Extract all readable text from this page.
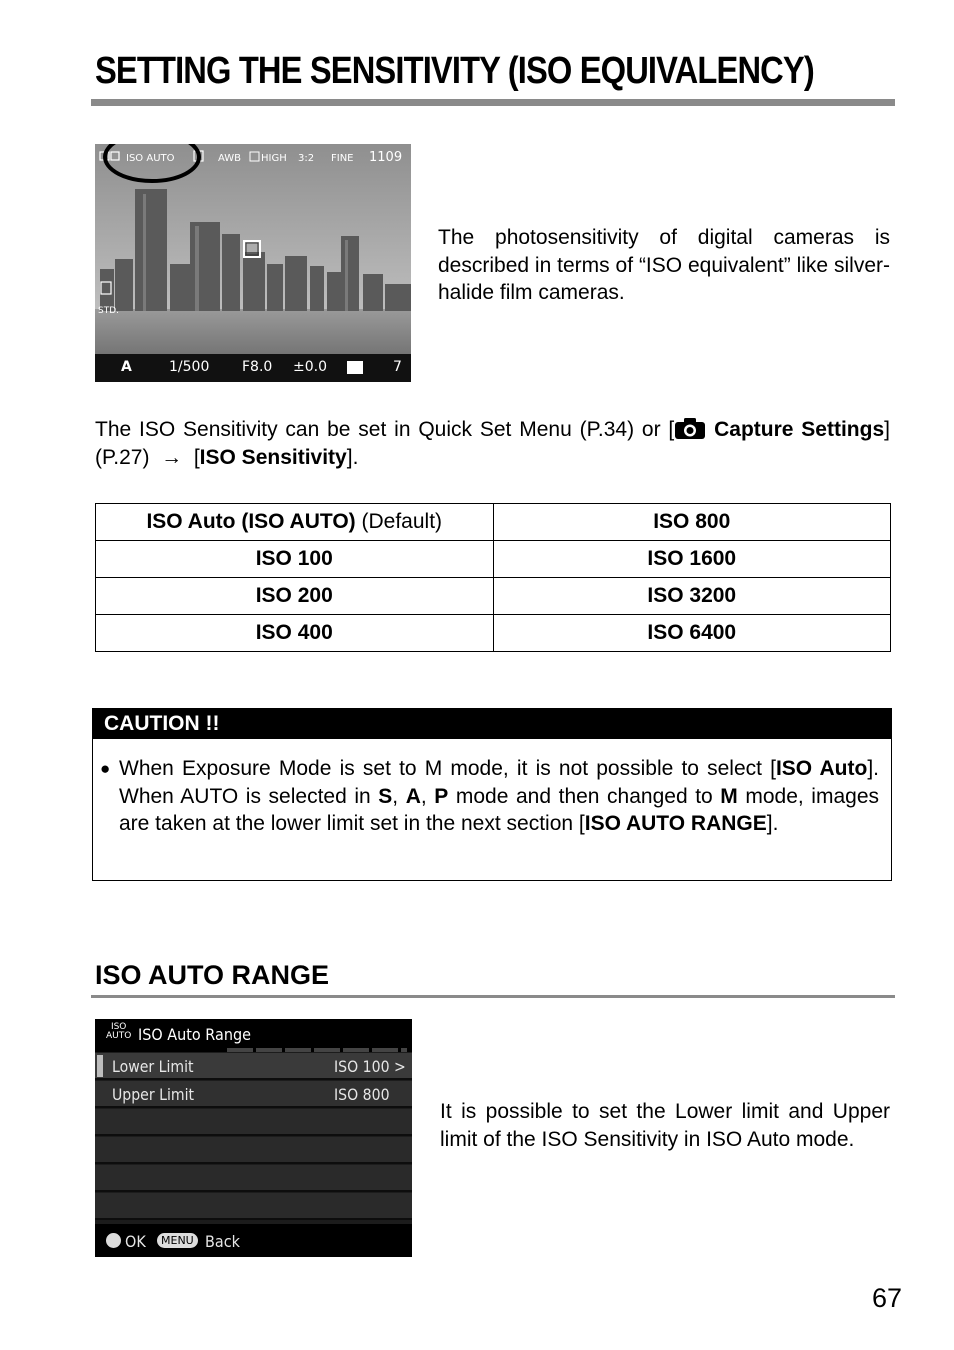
SETTING THE SENSITIVITY (ISO EQUIVALENCY)
ISO AUTO	AWB HIGH 3:2 FINE 1109
STD.
A	1/500 F8.0 ±0.0	7
The photosensitivity of digital cameras is described in terms of “ISO equivalent” like silver-halide film cameras.
The ISO Sensitivity can be set in Quick Set Menu (P.34) or [ Capture Settings] (P.27) → [ISO Sensitivity].
ISO Auto (ISO AUTO) (Default)	ISO 800
ISO 100	ISO 1600
ISO 200	ISO 3200
ISO 400	ISO 6400
CAUTION !!
● When Exposure Mode is set to M mode, it is not possible to select [ISO Auto]. When AUTO is selected in S, A, P mode and then changed to M mode, images are taken at the lower limit set in the next section [ISO AUTO RANGE].
ISO AUTO RANGE
ISO
AUTO ISO Auto Range
Lower Limit	ISO 100 >
Upper Limit	ISO 800
OK	MENU Back
It is possible to set the Lower limit and Upper limit of the ISO Sensitivity in ISO Auto mode.
67
